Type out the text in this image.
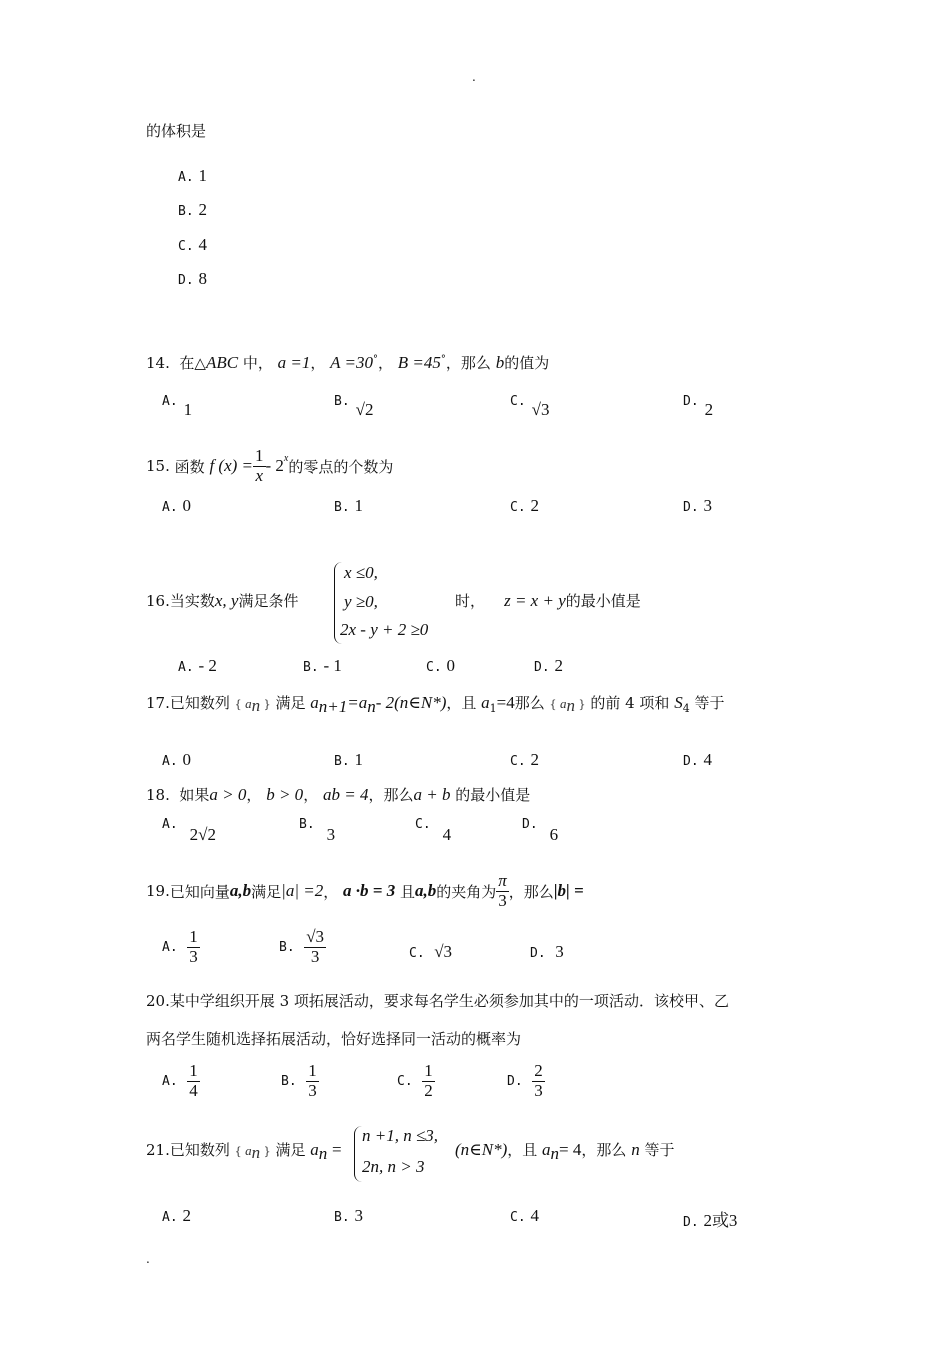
.
.
的体积是
A. 1
B. 2
C. 4
D. 8
14. 在△ABC 中， a =1， A =30°， B =45°，那么 b的值为
A. 1	B. √2	C. √3	D. 2
15.
函数
f $(x) = \frac{1}{x} - 2^x$ 的零点的个数为
A. 0	B. 1	C. 2	D. 3
16.当实数x, y满足条件
x ≤0,
y ≥0,
2x - y + 2 ≥0
时， z = x + y的最小值是
A. - 2	B. - 1	C. 0	D. 2
17.已知数列 { $a_n$ } 满足 $a_{n+1}=a_n-$ 2(n∈N*)，且 $a_1=4$那么 { $a_n$ } 的前 4 项和 $S_4$ 等于
A. 0	B. 1	C. 2	D. 4
18. 如果a > 0， b > 0， ab = 4，那么a + b 的最小值是
A.2√2
B.3
C.4
D.6
19. 已知向量 a,b 满足 |a| =2 ，
a ·b = 3
且 a,b 的夹角为 $\frac{\pi}{3}$ ，那么 |b| =
A.
$\frac{1}{3}$	B.
$\frac{√3}{3}$	C. √3	D. 3
20.某中学组织开展 3 项拓展活动，要求每名学生必须参加其中的一项活动．该校甲、乙
两名学生随机选择拓展活动，恰好选择同一活动的概率为
A.
$\frac{1}{4}$	B.
$\frac{1}{3}$	C.
$\frac{1}{2}$	D.
$\frac{2}{3}$
21.已知数列 { $a_n$ } 满足 $a_n$ =
n +1, n ≤3,
2n, n > 3
(n∈N*)，且 $a_n= 4$，那么 n 等于
A. 2	B. 3	C. 4	D. 2或3
